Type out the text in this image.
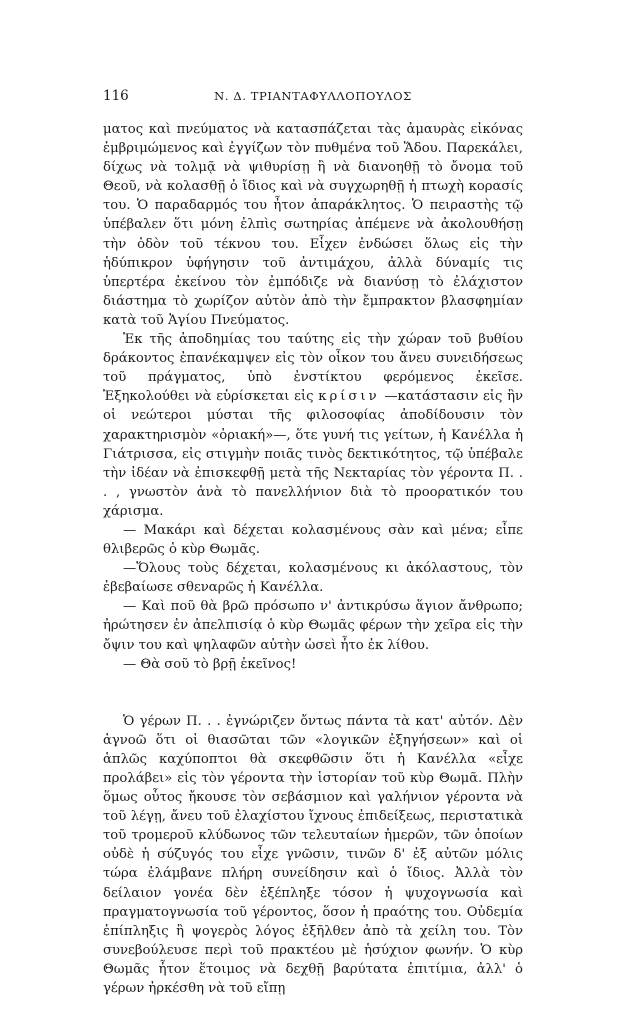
116	Ν. Δ. ΤΡΙΑΝΤΑΦΥΛΛΟΠΟΥΛΟΣ

ματος καὶ πνεύματος νὰ κατασπάζεται τὰς ἀμαυρὰς εἰκόνας ἐμβριμώμενος καὶ ἐγγίζων τὸν πυθμένα τοῦ Ἅδου. Παρεκάλει, δίχως νὰ τολμᾷ νὰ ψιθυρίσῃ ἢ νὰ διανοηθῇ τὸ ὄνομα τοῦ Θεοῦ, νὰ κολασθῇ ὁ ἴδιος καὶ νὰ συγχωρηθῇ ἡ πτωχὴ κορασίς του. Ὁ παραδαρμός του ἦτον ἀπαράκλητος. Ὁ πειραστὴς τῷ ὑπέβαλεν ὅτι μόνη ἐλπὶς σωτηρίας ἀπέμενε νὰ ἀκολουθήσῃ τὴν ὁδὸν τοῦ τέκνου του. Εἶχεν ἐνδώσει ὅλως εἰς τὴν ἡδύπικρον ὑφήγησιν τοῦ ἀντιμάχου, ἀλλὰ δύναμίς τις ὑπερτέρα ἐκείνου τὸν ἐμπόδιζε νὰ διανύσῃ τὸ ἐλάχιστον διάστημα τὸ χωρίζον αὐτὸν ἀπὸ τὴν ἔμπρακτον βλασφημίαν κατὰ τοῦ Ἁγίου Πνεύματος.

Ἐκ τῆς ἀποδημίας του ταύτης εἰς τὴν χώραν τοῦ βυθίου δράκοντος ἐπανέκαμψεν εἰς τὸν οἶκον του ἄνευ συνειδήσεως τοῦ πράγματος, ὑπὸ ἐνστίκτου φερόμενος ἐκεῖσε. Ἐξηκολούθει νὰ εὑρίσκεται εἰς κρίσιν —κατάστασιν εἰς ἣν οἱ νεώτεροι μύσται τῆς φιλοσοφίας ἀποδίδουσιν τὸν χαρακτηρισμὸν «ὁριακή»—, ὅτε γυνή τις γείτων, ἡ Κανέλλα ἡ Γιάτρισσα, εἰς στιγμὴν ποιᾶς τινὸς δεκτικότητος, τῷ ὑπέβαλε τὴν ἰδέαν νὰ ἐπισκεφθῇ μετὰ τῆς Νεκταρίας τὸν γέροντα Π. . . , γνωστὸν ἀνὰ τὸ πανελλήνιον διὰ τὸ προορατικόν του χάρισμα.

— Μακάρι καὶ δέχεται κολασμένους σὰν καὶ μένα; εἶπε θλιβερῶς ὁ κὺρ Θωμᾶς.

—Ὅλους τοὺς δέχεται, κολασμένους κι ἀκόλαστους, τὸν ἐβεβαίωσε σθεναρῶς ἡ Κανέλλα.

— Καὶ ποῦ θὰ βρῶ πρόσωπο ν' ἀντικρύσω ἅγιον ἄνθρωπο; ἠρώτησεν ἐν ἀπελπισίᾳ ὁ κὺρ Θωμᾶς φέρων τὴν χεῖρα εἰς τὴν ὄψιν του καὶ ψηλαφῶν αὐτὴν ὡσεὶ ἦτο ἐκ λίθου.

— Θὰ σοῦ τὸ βρῇ ἐκεῖνος!

Ὁ γέρων Π. . . ἐγνώριζεν ὄντως πάντα τὰ κατ' αὐτόν. Δὲν ἀγνοῶ ὅτι οἱ θιασῶται τῶν «λογικῶν ἐξηγήσεων» καὶ οἱ ἁπλῶς καχύποπτοι θὰ σκεφθῶσιν ὅτι ἡ Κανέλλα «εἶχε προλάβει» εἰς τὸν γέροντα τὴν ἱστορίαν τοῦ κὺρ Θωμᾶ. Πλὴν ὅμως οὗτος ἤκουσε τὸν σεβάσμιον καὶ γαλήνιον γέροντα νὰ τοῦ λέγῃ, ἄνευ τοῦ ἐλαχίστου ἴχνους ἐπιδείξεως, περιστατικὰ τοῦ τρομεροῦ κλύδωνος τῶν τελευταίων ἡμερῶν, τῶν ὁποίων οὐδὲ ἡ σύζυγός του εἶχε γνῶσιν, τινῶν δ' ἐξ αὐτῶν μόλις τώρα ἐλάμβανε πλήρη συνείδησιν καὶ ὁ ἴδιος. Ἀλλὰ τὸν δείλαιον γονέα δὲν ἐξέπληξε τόσον ἡ ψυχογνωσία καὶ πραγματογνωσία τοῦ γέροντος, ὅσον ἡ πραότης του. Οὐδεμία ἐπίπληξις ἢ ψογερὸς λόγος ἐξῆλθεν ἀπὸ τὰ χείλη του. Τὸν συνεβούλευσε περὶ τοῦ πρακτέου μὲ ἡσύχιον φωνήν. Ὁ κὺρ Θωμᾶς ἦτον ἕτοιμος νὰ δεχθῇ βαρύτατα ἐπιτίμια, ἀλλ' ὁ γέρων ἠρκέσθη νὰ τοῦ εἴπῃ
